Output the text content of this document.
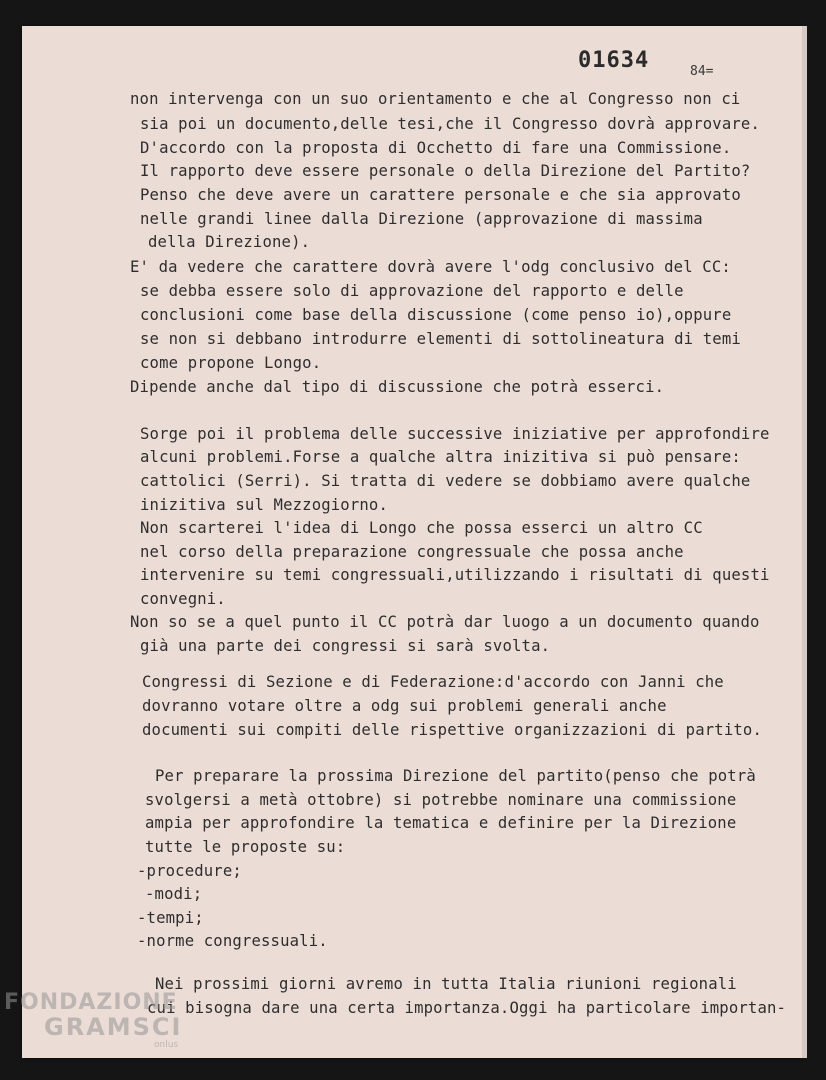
01634	84=
non intervenga con un suo orientamento e che al Congresso non ci
sia poi un documento,delle tesi,che il Congresso dovrà approvare.
D'accordo con la proposta di Occhetto di fare una Commissione.
Il rapporto deve essere personale o della Direzione del Partito?
Penso che deve avere un carattere personale e che sia approvato
nelle grandi linee dalla Direzione (approvazione di massima
della Direzione).
E' da vedere che carattere dovrà avere l'odg conclusivo del CC:
se debba essere solo di approvazione del rapporto e delle
conclusioni come base della discussione (come penso io),oppure
se non si debbano introdurre elementi di sottolineatura di temi
come propone Longo.
Dipende anche dal tipo di discussione che potrà esserci.
Sorge poi il problema delle successive iniziative per approfondire
alcuni problemi.Forse a qualche altra inizitiva si può pensare:
cattolici (Serri). Si tratta di vedere se dobbiamo avere qualche
inizitiva sul Mezzogiorno.
Non scarterei l'idea di Longo che possa esserci un altro CC
nel corso della preparazione congressuale che possa anche
intervenire su temi congressuali,utilizzando i risultati di questi
convegni.
Non so se a quel punto il CC potrà dar luogo a un documento quando
già una parte dei congressi si sarà svolta.
Congressi di Sezione e di Federazione:d'accordo con Janni che
dovranno votare oltre a odg sui problemi generali anche
documenti sui compiti delle rispettive organizzazioni di partito.
Per preparare la prossima Direzione del partito(penso che potrà
svolgersi a metà ottobre) si potrebbe nominare una commissione
ampia per approfondire la tematica e definire per la Direzione
tutte le proposte su:
-procedure;
-modi;
-tempi;
-norme congressuali.
Nei prossimi giorni avremo in tutta Italia riunioni regionali
cui bisogna dare una certa importanza.Oggi ha particolare importan-
FONDAZIONE
GRAMSCI
onlus
